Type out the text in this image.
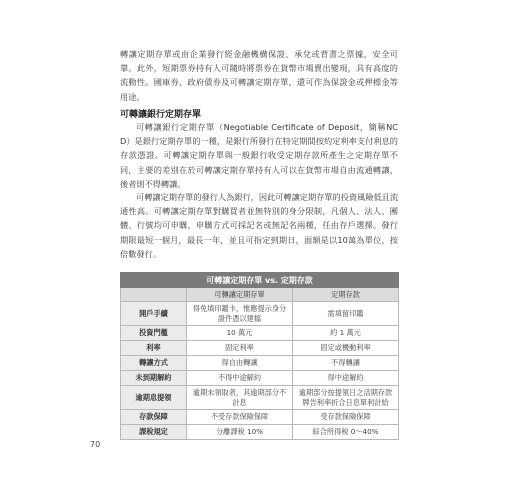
轉讓定期存單或由企業發行經金融機構保證、承兌或背書之票據，安全可靠。此外，短期票券持有人可隨時將票券在貨幣市場賣出變現，具有高度的流動性。國庫券、政府債券及可轉讓定期存單，還可作為保證金或押標金等用途。
可轉讓銀行定期存單
可轉讓銀行定期存單（Negotiable Certificate of Deposit，簡稱NCD）是銀行定期存單的一種，是銀行所發行在特定期間按約定利率支付利息的存款憑證。可轉讓定期存單與一般銀行收受定期存款所產生之定期存單不同，主要的差別在於可轉讓定期存單持有人可以在貨幣市場自由流通轉讓，後者則不得轉讓。
可轉讓定期存單的發行人為銀行，因此可轉讓定期存單的投資風險低且流通性高。可轉讓定期存單對購買者並無特別的身分限制，凡個人、法人、團體、行號均可申購，申購方式可採記名或無記名兩種，任由存戶選擇。發行期限最短一個月，最長一年，並且可指定到期日，面額是以10萬為單位，按倍數發行。
可轉讓定期存單 vs. 定期存款		
	可轉讓定期存單	定期存款
開戶手續	得免填印鑑卡，惟應提示身分證件憑以建檔	需填留印鑑
投資門檻	10 萬元	約 1 萬元
利率	固定利率	固定或機動利率
轉讓方式	得自由轉讓	不得轉讓
未到期解約	不得中途解約	得中途解約
逾期息提領	逾期未領取者，其逾期部分不計息	逾期部分按提領日之活期存款牌告利率折合日息單利計給
存款保障	不受存款保險保障	受存款保險保障
課稅規定	分離課稅 10%	綜合所得稅 0～40%
70
